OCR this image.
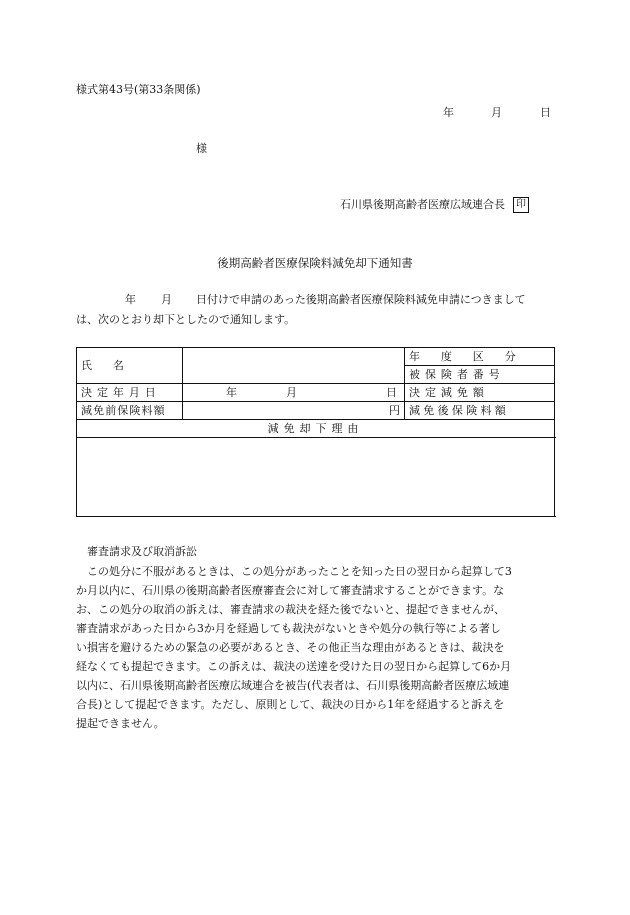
様式第43号(第33条関係)
年	月	日
様
石川県後期高齢者医療広域連合長 印
後期高齢者医療保険料減免却下通知書
年 月 日付けで申請のあった後期高齢者医療保険料減免申請につきまして
は、次のとおり却下としたので通知します。
氏　名		年　度　区　分	
		被保険者番号	
決定年月日	年 月 日	決定減免額	
減免前保険料額	円	減免後保険料額	
減免却下理由			

審査請求及び取消訴訟

　この処分に不服があるときは、この処分があったことを知った日の翌日から起算して3

か月以内に、石川県の後期高齢者医療審査会に対して審査請求することができます。な

お、この処分の取消の訴えは、審査請求の裁決を経た後でないと、提起できませんが、

審査請求があった日から3か月を経過しても裁決がないときや処分の執行等による著し

い損害を避けるための緊急の必要があるとき、その他正当な理由があるときは、裁決を

経なくても提起できます。この訴えは、裁決の送達を受けた日の翌日から起算して6か月

以内に、石川県後期高齢者医療広域連合を被告(代表者は、石川県後期高齢者医療広域連

合長)として提起できます。ただし、原則として、裁決の日から1年を経過すると訴えを

提起できません。
